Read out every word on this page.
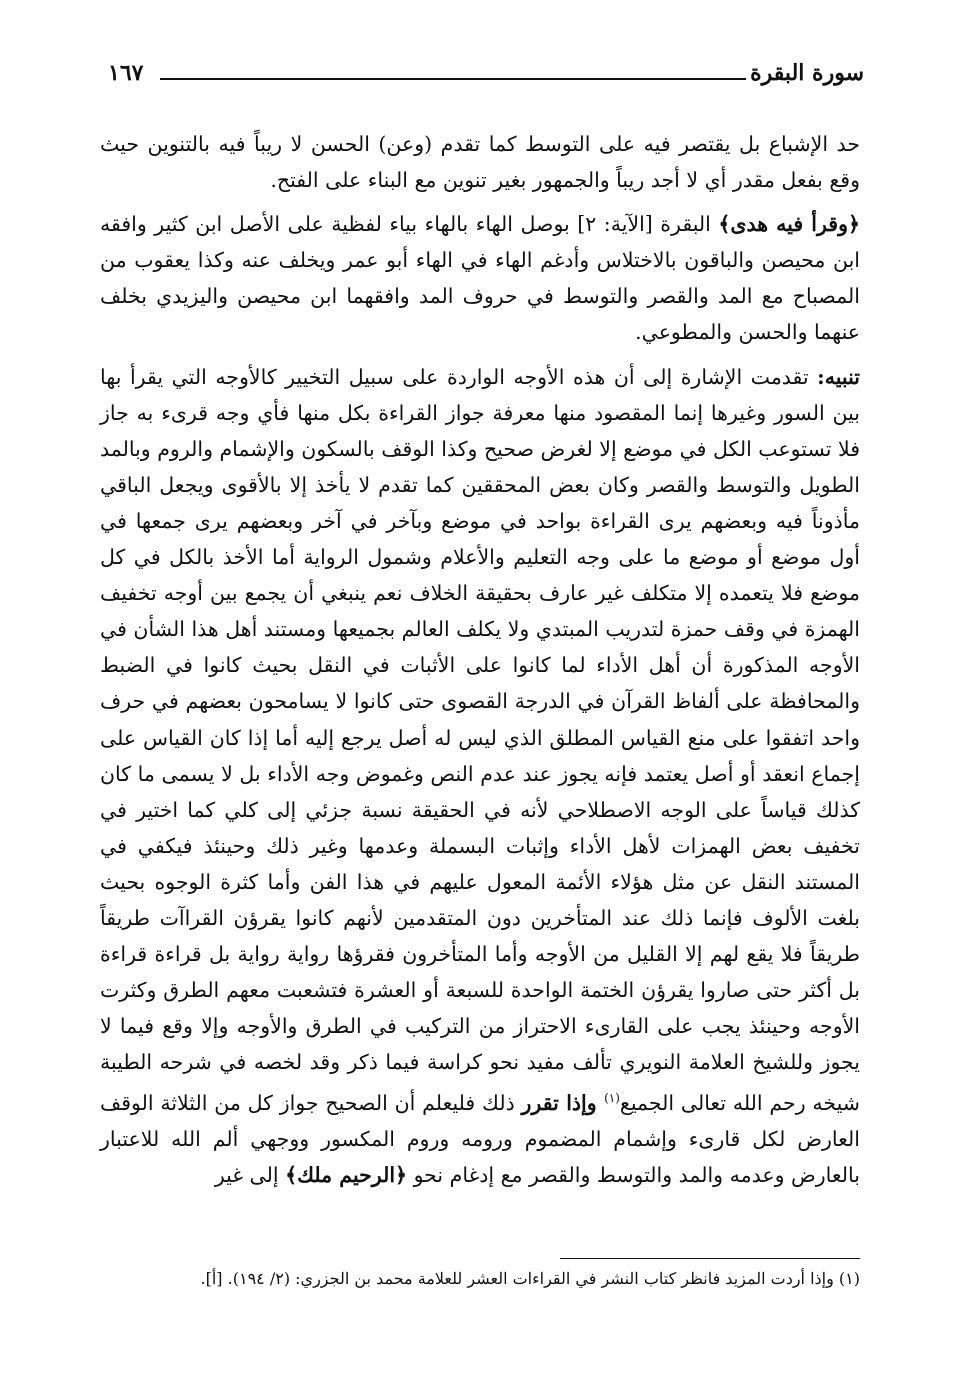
سورة البقرة
١٦٧

حد الإشباع بل يقتصر فيه على التوسط كما تقدم (وعن) الحسن لا ريباً فيه بالتنوين حيث وقع بفعل مقدر أي لا أجد ريباً والجمهور بغير تنوين مع البناء على الفتح.

﴿وقرأ فيه هدى﴾ البقرة [الآية: ٢] بوصل الهاء بالهاء بياء لفظية على الأصل ابن كثير وافقه ابن محيصن والباقون بالاختلاس وأدغم الهاء في الهاء أبو عمر ويخلف عنه وكذا يعقوب من المصباح مع المد والقصر والتوسط في حروف المد وافقهما ابن محيصن واليزيدي بخلف عنهما والحسن والمطوعي.

تنبيه: تقدمت الإشارة إلى أن هذه الأوجه الواردة على سبيل التخيير كالأوجه التي يقرأ بها بين السور وغيرها إنما المقصود منها معرفة جواز القراءة بكل منها فأي وجه قرىء به جاز فلا تستوعب الكل في موضع إلا لغرض صحيح وكذا الوقف بالسكون والإشمام والروم وبالمد الطويل والتوسط والقصر وكان بعض المحققين كما تقدم لا يأخذ إلا بالأقوى ويجعل الباقي مأذوناً فيه وبعضهم يرى القراءة بواحد في موضع وبآخر في آخر وبعضهم يرى جمعها في أول موضع أو موضع ما على وجه التعليم والأعلام وشمول الرواية أما الأخذ بالكل في كل موضع فلا يتعمده إلا متكلف غير عارف بحقيقة الخلاف نعم ينبغي أن يجمع بين أوجه تخفيف الهمزة في وقف حمزة لتدريب المبتدي ولا يكلف العالم بجميعها ومستند أهل هذا الشأن في الأوجه المذكورة أن أهل الأداء لما كانوا على الأثبات في النقل بحيث كانوا في الضبط والمحافظة على ألفاظ القرآن في الدرجة القصوى حتى كانوا لا يسامحون بعضهم في حرف واحد اتفقوا على منع القياس المطلق الذي ليس له أصل يرجع إليه أما إذا كان القياس على إجماع انعقد أو أصل يعتمد فإنه يجوز عند عدم النص وغموض وجه الأداء بل لا يسمى ما كان كذلك قياساً على الوجه الاصطلاحي لأنه في الحقيقة نسبة جزئي إلى كلي كما اختير في تخفيف بعض الهمزات لأهل الأداء وإثبات البسملة وعدمها وغير ذلك وحينئذ فيكفي في المستند النقل عن مثل هؤلاء الأئمة المعول عليهم في هذا الفن وأما كثرة الوجوه بحيث بلغت الألوف فإنما ذلك عند المتأخرين دون المتقدمين لأنهم كانوا يقرؤن القراآت طريقاً طريقاً فلا يقع لهم إلا القليل من الأوجه وأما المتأخرون فقرؤها رواية رواية بل قراءة قراءة بل أكثر حتى صاروا يقرؤن الختمة الواحدة للسبعة أو العشرة فتشعبت معهم الطرق وكثرت الأوجه وحينئذ يجب على القارىء الاحتراز من التركيب في الطرق والأوجه وإلا وقع فيما لا يجوز وللشيخ العلامة النويري تألف مفيد نحو كراسة فيما ذكر وقد لخصه في شرحه الطيبة شيخه رحم الله تعالى الجميع$^{(١)}$ وإذا تقرر ذلك فليعلم أن الصحيح جواز كل من الثلاثة الوقف العارض لكل قارىء وإشمام المضموم ورومه وروم المكسور ووجهي ألم الله للاعتبار بالعارض وعدمه والمد والتوسط والقصر مع إدغام نحو ﴿الرحيم ملك﴾ إلى غير

(١) وإذا أردت المزيد فانظر كتاب النشر في القراءات العشر للعلامة محمد بن الجزري: (٢/ ١٩٤). [أ].
